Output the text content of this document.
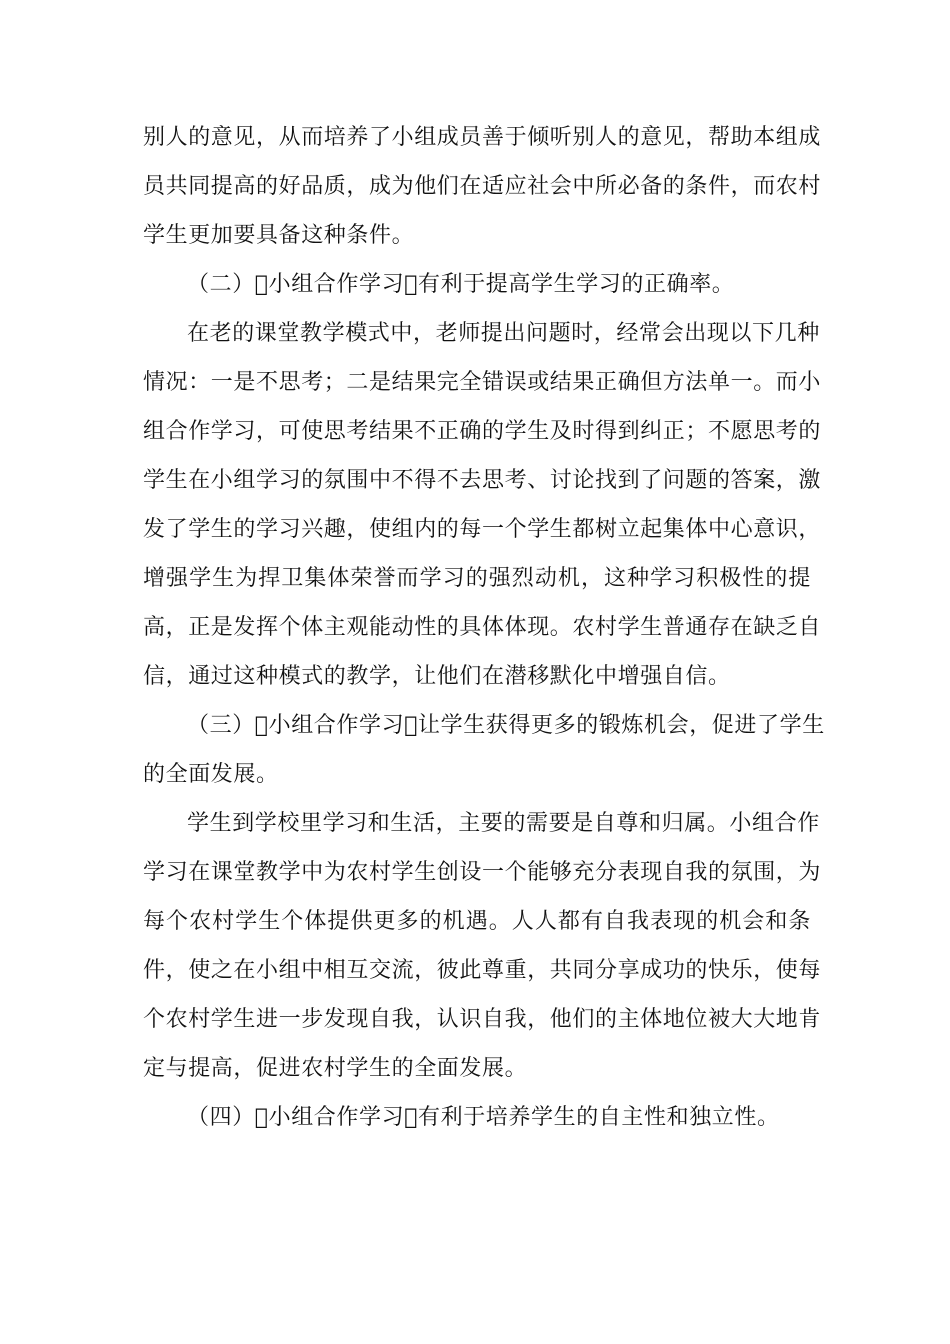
别人的意见，从而培养了小组成员善于倾听别人的意见，帮助本组成
员共同提高的好品质，成为他们在适应社会中所必备的条件，而农村
学生更加要具备这种条件。

（二） 小组合作学习 有利于提高学生学习的正确率。

在老的课堂教学模式中，老师提出问题时，经常会出现以下几种
情况：一是不思考；二是结果完全错误或结果正确但方法单一。而小
组合作学习，可使思考结果不正确的学生及时得到纠正；不愿思考的
学生在小组学习的氛围中不得不去思考、讨论找到了问题的答案，激
发了学生的学习兴趣，使组内的每一个学生都树立起集体中心意识，
增强学生为捍卫集体荣誉而学习的强烈动机，这种学习积极性的提
高，正是发挥个体主观能动性的具体体现。农村学生普通存在缺乏自
信，通过这种模式的教学，让他们在潜移默化中增强自信。

（三） 小组合作学习 让学生获得更多的锻炼机会，促进了学生
的全面发展。

学生到学校里学习和生活，主要的需要是自尊和归属。小组合作
学习在课堂教学中为农村学生创设一个能够充分表现自我的氛围，为
每个农村学生个体提供更多的机遇。人人都有自我表现的机会和条
件，使之在小组中相互交流，彼此尊重，共同分享成功的快乐，使每
个农村学生进一步发现自我，认识自我，他们的主体地位被大大地肯
定与提高，促进农村学生的全面发展。

（四） 小组合作学习 有利于培养学生的自主性和独立性。
